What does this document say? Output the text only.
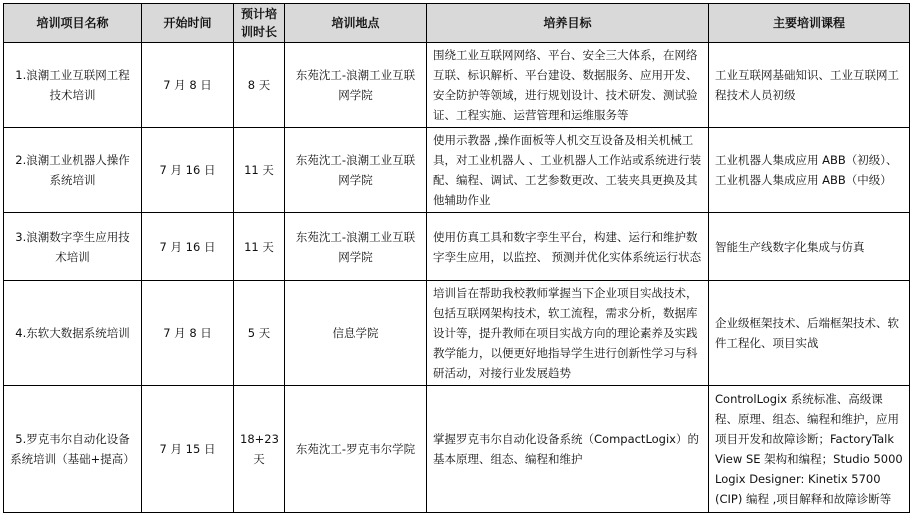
培训项目名称	开始时间	预计培训时长	培训地点	培养目标	主要培训课程
1.浪潮工业互联网工程技术培训	7 月 8 日	8 天	东苑沈工-浪潮工业互联网学院	围绕工业互联网网络、平台、安全三大体系，在网络互联、标识解析、平台建设、数据服务、应用开发、安全防护等领域，进行规划设计、技术研发、测试验证、工程实施、运营管理和运维服务等	工业互联网基础知识、工业互联网工程技术人员初级
2.浪潮工业机器人操作系统培训	7 月 16 日	11 天	东苑沈工-浪潮工业互联网学院	使用示教器 ,操作面板等人机交互设备及相关机械工具，对工业机器人 、工业机器人工作站或系统进行装配、编程、调试、工艺参数更改、工装夹具更换及其他辅助作业	工业机器人集成应用 ABB（初级）、工业机器人集成应用 ABB（中级）
3.浪潮数字孪生应用技术培训	7 月 16 日	11 天	东苑沈工-浪潮工业互联网学院	使用仿真工具和数字孪生平台，构建、运行和维护数字孪生应用，以监控、 预测并优化实体系统运行状态	智能生产线数字化集成与仿真
4.东软大数据系统培训	7 月 8 日	5 天	信息学院	培训旨在帮助我校教师掌握当下企业项目实战技术，包括互联网架构技术，软工流程，需求分析，数据库设计等，提升教师在项目实战方向的理论素养及实践教学能力，以便更好地指导学生进行创新性学习与科研活动，对接行业发展趋势	企业级框架技术、后端框架技术、软件工程化、项目实战
5.罗克韦尔自动化设备系统培训（基础+提高）	7 月 15 日	18+23 天	东苑沈工-罗克韦尔学院	掌握罗克韦尔自动化设备系统（CompactLogix）的基本原理、组态、编程和维护	ControlLogix 系统标准、高级课程、原理、组态、编程和维护，应用项目开发和故障诊断；FactoryTalk View SE 架构和编程；Studio 5000 Logix Designer: Kinetix 5700 (CIP) 编程 ,项目解释和故障诊断等
